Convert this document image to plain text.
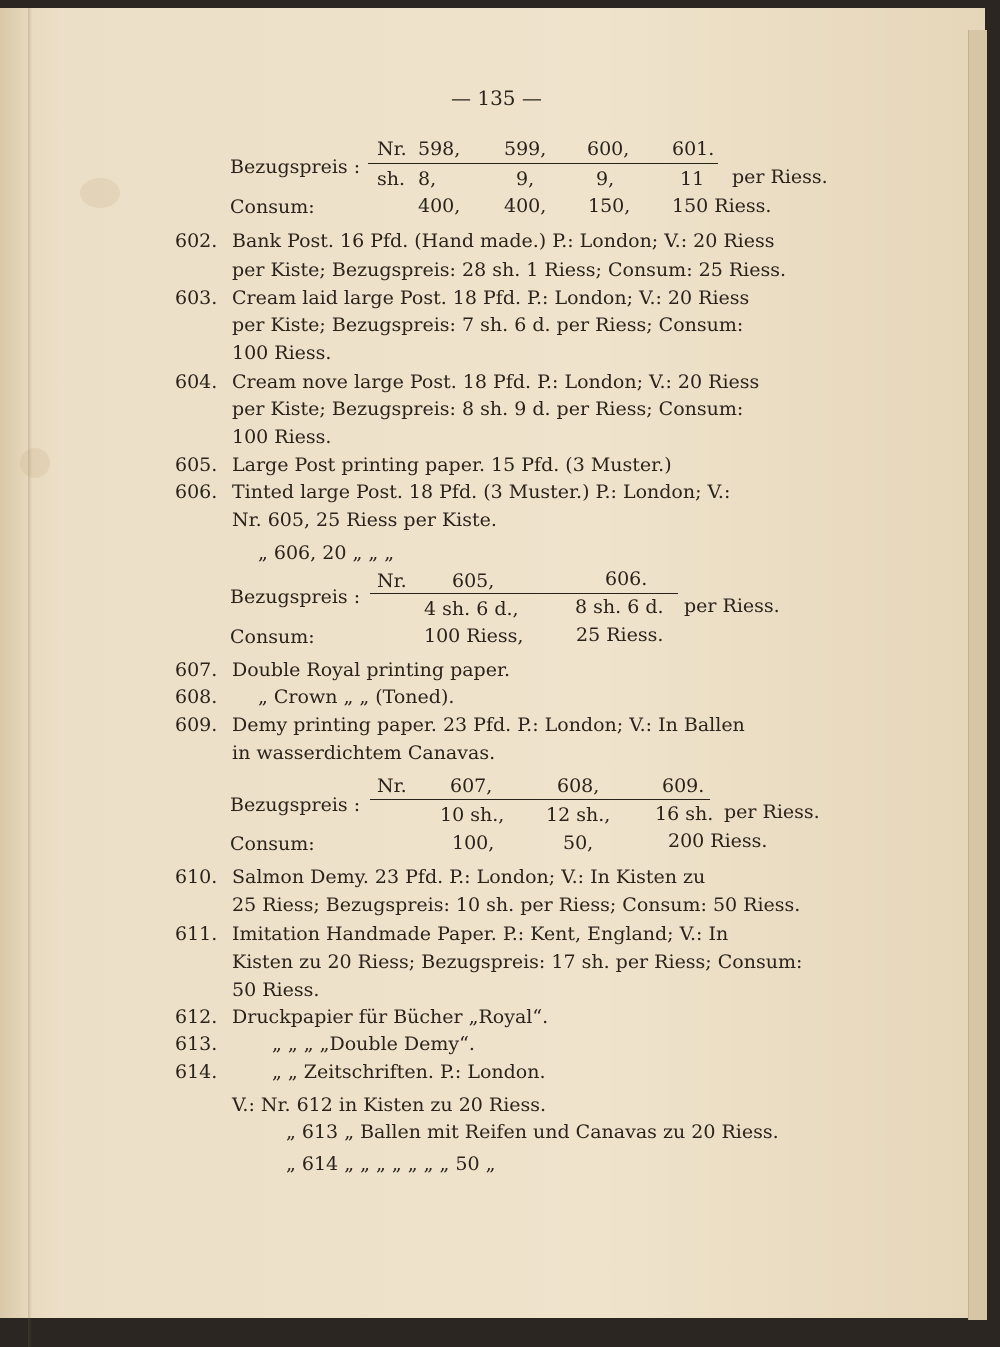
— 135 —
Bezugspreis :
Nr. 598, 599, 600, 601.
sh. 8,	9,	9,	11 per Riess.
Consum:	400, 400, 150, 150 Riess.
602. Bank Post. 16 Pfd. (Hand made.) P.: London; V.: 20 Riess
per Kiste; Bezugspreis: 28 sh. 1 Riess; Consum: 25 Riess.
603. Cream laid large Post. 18 Pfd. P.: London; V.: 20 Riess
per Kiste; Bezugspreis: 7 sh. 6 d. per Riess; Consum:
100 Riess.
604. Cream nove large Post. 18 Pfd. P.: London; V.: 20 Riess
per Kiste; Bezugspreis: 8 sh. 9 d. per Riess; Consum:
100 Riess.
605. Large Post printing paper. 15 Pfd. (3 Muster.)
606. Tinted large Post. 18 Pfd. (3 Muster.) P.: London; V.:
Nr. 605, 25 Riess per Kiste.
„ 606, 20 „ „ „
Bezugspreis :
Nr. 605,	606.
4 sh. 6 d.,	8 sh. 6 d. per Riess.
Consum:	100 Riess,	25 Riess.
607. Double Royal printing paper.
608. „ Crown „ „ (Toned).
609. Demy printing paper. 23 Pfd. P.: London; V.: In Ballen
in wasserdichtem Canavas.
Bezugspreis :
Nr. 607,	608,	609.
10 sh., 12 sh., 16 sh. per Riess.
Consum:	100,	50,	200 Riess.
610. Salmon Demy. 23 Pfd. P.: London; V.: In Kisten zu
25 Riess; Bezugspreis: 10 sh. per Riess; Consum: 50 Riess.
611. Imitation Handmade Paper. P.: Kent, England; V.: In
Kisten zu 20 Riess; Bezugspreis: 17 sh. per Riess; Consum:
50 Riess.
612. Druckpapier für Bücher „Royal“.
613.	„ „ „ „Double Demy“.
614.	„ „ Zeitschriften. P.: London.
V.: Nr. 612 in Kisten zu 20 Riess.
„ 613 „ Ballen mit Reifen und Canavas zu 20 Riess.
„ 614 „ „ „ „ „ „ „ 50 „
